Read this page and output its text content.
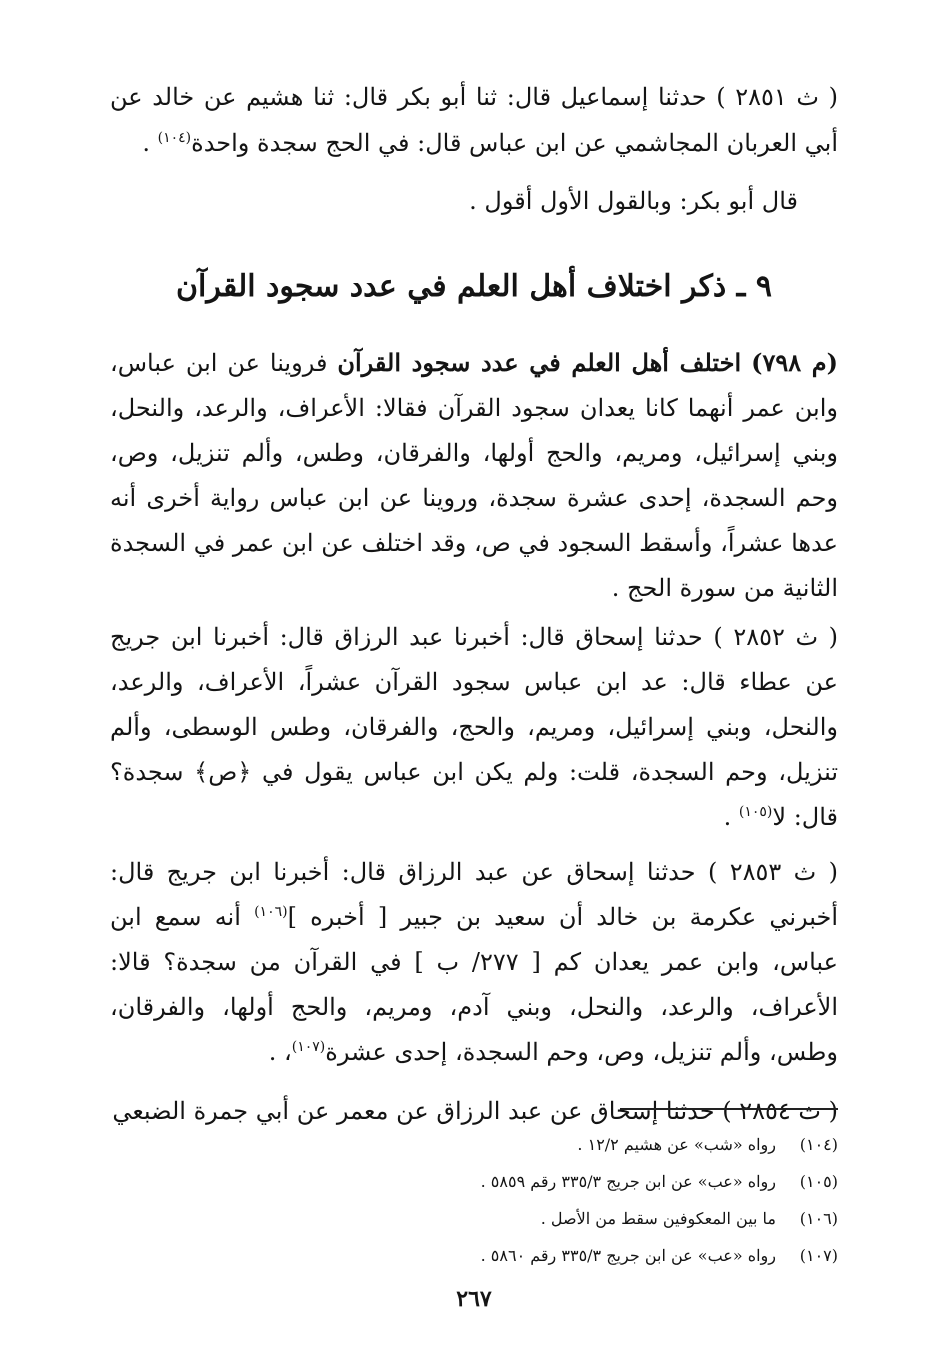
( ث ٢٨٥١ ) حدثنا إسماعيل قال: ثنا أبو بكر قال: ثنا هشيم عن خالد عن أبي العربان المجاشمي عن ابن عباس قال: في الحج سجدة واحدة$^{(١٠٤)}$ .

قال أبو بكر: وبالقول الأول أقول .

٩ ـ ذكر اختلاف أهل العلم في عدد سجود القرآن

(م ٧٩٨) اختلف أهل العلم في عدد سجود القرآن فروينا عن ابن عباس، وابن عمر أنهما كانا يعدان سجود القرآن فقالا: الأعراف، والرعد، والنحل، وبني إسرائيل، ومريم، والحج أولها، والفرقان، وطس، وألم تنزيل، وص، وحم السجدة، إحدى عشرة سجدة، وروينا عن ابن عباس رواية أخرى أنه عدها عشراً، وأسقط السجود في ص، وقد اختلف عن ابن عمر في السجدة الثانية من سورة الحج .

( ث ٢٨٥٢ ) حدثنا إسحاق قال: أخبرنا عبد الرزاق قال: أخبرنا ابن جريج عن عطاء قال: عد ابن عباس سجود القرآن عشراً، الأعراف، والرعد، والنحل، وبني إسرائيل، ومريم، والحج، والفرقان، وطس الوسطى، وألم تنزيل، وحم السجدة، قلت: ولم يكن ابن عباس يقول في ﴿ص﴾ سجدة؟ قال: لا$^{(١٠٥)}$ .

( ث ٢٨٥٣ ) حدثنا إسحاق عن عبد الرزاق قال: أخبرنا ابن جريج قال: أخبرني عكرمة بن خالد أن سعيد بن جبير [ أخبره ]$^{(١٠٦)}$ أنه سمع ابن عباس، وابن عمر يعدان كم [ ٢٧٧/ ب ] في القرآن من سجدة؟ قالا: الأعراف، والرعد، والنحل، وبني آدم، ومريم، والحج أولها، والفرقان، وطس، وألم تنزيل، وص، وحم السجدة، إحدى عشرة$^{(١٠٧)}$، .

( ث ٢٨٥٤ ) حدثنا إسحاق عن عبد الرزاق عن معمر عن أبي جمرة الضبعي

(١٠٤)رواه «شب» عن هشيم ١٢/٢ .
(١٠٥)رواه «عب» عن ابن جريج ٣٣٥/٣ رقم ٥٨٥٩ .
(١٠٦)ما بين المعكوفين سقط من الأصل .
(١٠٧)رواه «عب» عن ابن جريج ٣٣٥/٣ رقم ٥٨٦٠ .

٢٦٧
